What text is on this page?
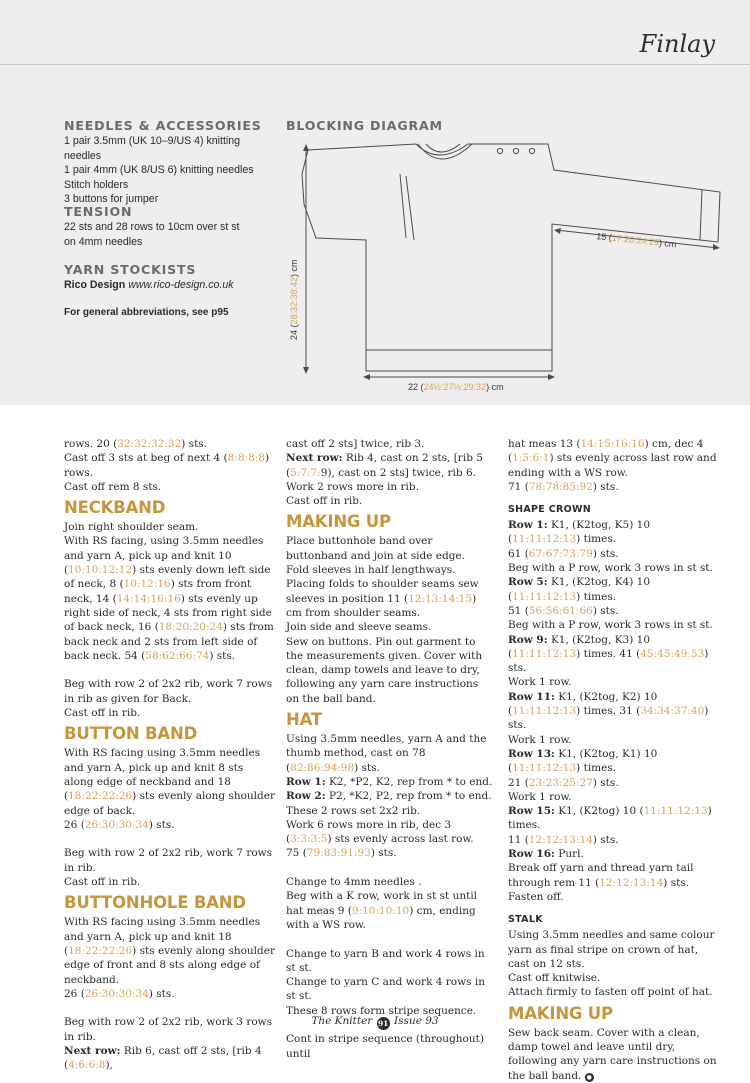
Finlay
NEEDLES & ACCESSORIES
1 pair 3.5mm (UK 10–9/US 4) knitting needles
1 pair 4mm (UK 8/US 6) knitting needles
Stitch holders
3 buttons for jumper
TENSION
22 sts and 28 rows to 10cm over st st
on 4mm needles
YARN STOCKISTS
Rico Design www.rico-design.co.uk
For general abbreviations, see p95
BLOCKING DIAGRAM
24 (28:32:38:42) cm
15 (17:20:24:29) cm
22 (24½:27½:29:32) cm

rows. 20 (32:32:32:32) sts.

Cast off 3 sts at beg of next 4 (8:8:8:8) rows.

Cast off rem 8 sts.

NECKBAND

Join right shoulder seam.

With RS facing, using 3.5mm needles and yarn A, pick up and knit 10 (10:10:12:12) sts evenly down left side of neck, 8 (10:12:16) sts from front neck, 14 (14:14:16:16) sts evenly up right side of neck, 4 sts from right side of back neck, 16 (18:20:20:24) sts from back neck and 2 sts from left side of back neck. 54 (58:62:66:74) sts.

Beg with row 2 of 2x2 rib, work 7 rows in rib as given for Back.

Cast off in rib.

BUTTON BAND

With RS facing using 3.5mm needles and yarn A, pick up and knit 8 sts along edge of neckband and 18 (18:22:22:26) sts evenly along shoulder edge of back.

26 (26:30:30:34) sts.

Beg with row 2 of 2x2 rib, work 7 rows in rib.

Cast off in rib.

BUTTONHOLE BAND

With RS facing using 3.5mm needles and yarn A, pick up and knit 18 (18:22:22:26) sts evenly along shoulder edge of front and 8 sts along edge of neckband.

26 (26:30:30:34) sts.

Beg with row 2 of 2x2 rib, work 3 rows in rib.

Next row: Rib 6, cast off 2 sts, [rib 4 (4:6:6:8),

cast off 2 sts] twice, rib 3.

Next row: Rib 4, cast on 2 sts, [rib 5 (5:7:7:9), cast on 2 sts] twice, rib 6.

Work 2 rows more in rib.

Cast off in rib.

MAKING UP

Place buttonhole band over buttonband and join at side edge.

Fold sleeves in half lengthways. Placing folds to shoulder seams sew sleeves in position 11 (12:13:14:15) cm from shoulder seams.

Join side and sleeve seams.

Sew on buttons. Pin out garment to the measurements given. Cover with clean, damp towels and leave to dry, following any yarn care instructions on the ball band.

HAT

Using 3.5mm needles, yarn A and the thumb method, cast on 78 (82:86:94:98) sts.

Row 1: K2, *P2, K2, rep from * to end.

Row 2: P2, *K2, P2, rep from * to end.

These 2 rows set 2x2 rib.

Work 6 rows more in rib, dec 3 (3:3:3:5) sts evenly across last row.

75 (79:83:91:93) sts.

Change to 4mm needles .

Beg with a K row, work in st st until hat meas 9 (9:10:10:10) cm, ending with a WS row.

Change to yarn B and work 4 rows in st st.

Change to yarn C and work 4 rows in st st.

These 8 rows form stripe sequence.

Cont in stripe sequence (throughout) until

hat meas 13 (14:15:16:16) cm, dec 4 (1:5:6:1) sts evenly across last row and ending with a WS row.

71 (78:78:85:92) sts.

SHAPE CROWN

Row 1: K1, (K2tog, K5) 10 (11:11:12:13) times.

61 (67:67:73:79) sts.

Beg with a P row, work 3 rows in st st.

Row 5: K1, (K2tog, K4) 10 (11:11:12:13) times.

51 (56:56:61:66) sts.

Beg with a P row, work 3 rows in st st.

Row 9: K1, (K2tog, K3) 10 (11:11:12:13) times. 41 (45:45:49:53) sts.

Work 1 row.

Row 11: K1, (K2tog, K2) 10 (11:11:12:13) times. 31 (34:34:37:40) sts.

Work 1 row.

Row 13: K1, (K2tog, K1) 10 (11:11:12:13) times.

21 (23:23:25:27) sts.

Work 1 row.

Row 15: K1, (K2tog) 10 (11:11:12:13) times.

11 (12:12:13:14) sts.

Row 16: Purl.

Break off yarn and thread yarn tail through rem 11 (12:12:13:14) sts. Fasten off.

STALK

Using 3.5mm needles and same colour yarn as final stripe on crown of hat, cast on 12 sts.

Cast off knitwise.

Attach firmly to fasten off point of hat.

MAKING UP

Sew back seam. Cover with a clean, damp towel and leave until dry, following any yarn care instructions on the ball band. ●

The Knitter 91 Issue 93
